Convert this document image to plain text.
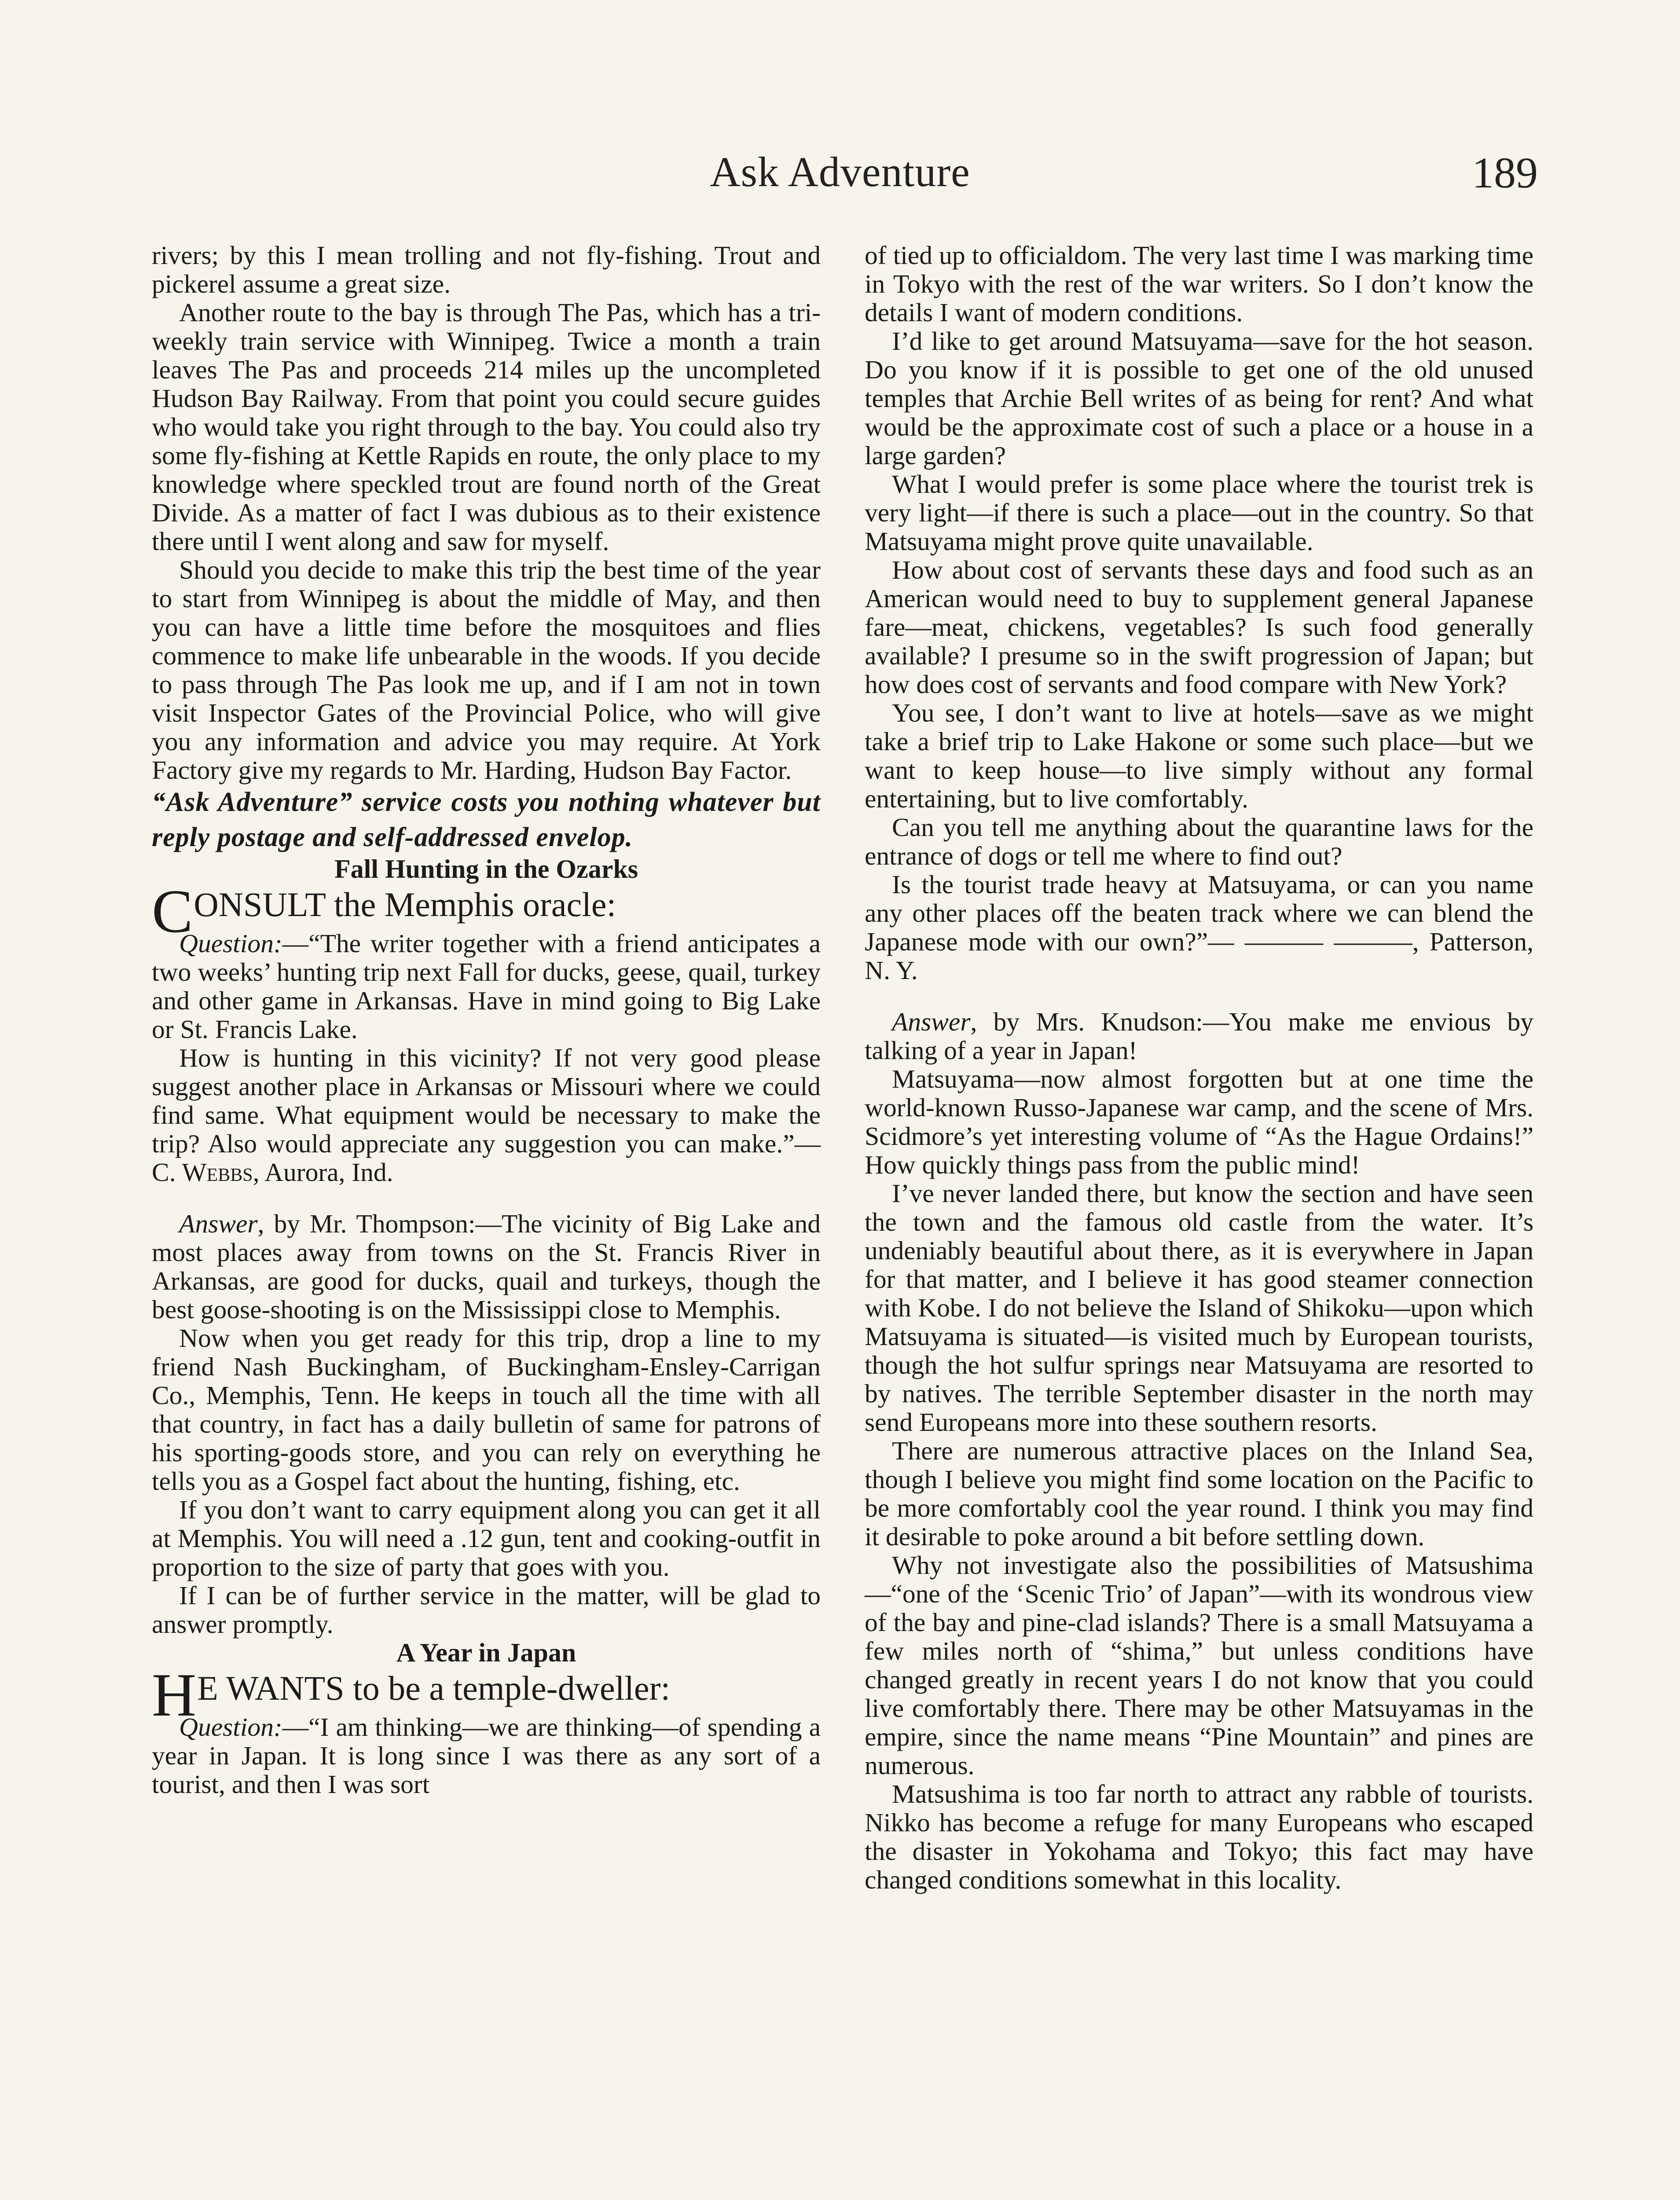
Ask Adventure	189

rivers; by this I mean trolling and not fly-fishing. Trout and pickerel assume a great size.

Another route to the bay is through The Pas, which has a tri-weekly train service with Winnipeg. Twice a month a train leaves The Pas and proceeds 214 miles up the uncompleted Hudson Bay Railway. From that point you could secure guides who would take you right through to the bay. You could also try some fly-fishing at Kettle Rapids en route, the only place to my knowledge where speckled trout are found north of the Great Divide. As a matter of fact I was dubious as to their existence there until I went along and saw for myself.

Should you decide to make this trip the best time of the year to start from Winnipeg is about the middle of May, and then you can have a little time before the mosquitoes and flies commence to make life unbearable in the woods. If you decide to pass through The Pas look me up, and if I am not in town visit Inspector Gates of the Provincial Police, who will give you any information and advice you may require. At York Factory give my regards to Mr. Harding, Hudson Bay Factor.

“Ask Adventure” service costs you nothing whatever but reply postage and self-addressed envelop.

Fall Hunting in the Ozarks

CONSULT the Memphis oracle:

Question:—“The writer together with a friend anticipates a two weeks’ hunting trip next Fall for ducks, geese, quail, turkey and other game in Arkansas. Have in mind going to Big Lake or St. Francis Lake.

How is hunting in this vicinity? If not very good please suggest another place in Arkansas or Missouri where we could find same. What equipment would be necessary to make the trip? Also would appreciate any suggestion you can make.”— C. Webbs, Aurora, Ind.

Answer, by Mr. Thompson:—The vicinity of Big Lake and most places away from towns on the St. Francis River in Arkansas, are good for ducks, quail and turkeys, though the best goose-shooting is on the Mississippi close to Memphis.

Now when you get ready for this trip, drop a line to my friend Nash Buckingham, of Buckingham-Ensley-Carrigan Co., Memphis, Tenn. He keeps in touch all the time with all that country, in fact has a daily bulletin of same for patrons of his sporting-goods store, and you can rely on everything he tells you as a Gospel fact about the hunting, fishing, etc.

If you don’t want to carry equipment along you can get it all at Memphis. You will need a .12 gun, tent and cooking-outfit in proportion to the size of party that goes with you.

If I can be of further service in the matter, will be glad to answer promptly.

A Year in Japan

HE WANTS to be a temple-dweller:

Question:—“I am thinking—we are thinking—of spending a year in Japan. It is long since I was there as any sort of a tourist, and then I was sort

of tied up to officialdom. The very last time I was marking time in Tokyo with the rest of the war writers. So I don’t know the details I want of modern conditions.

I’d like to get around Matsuyama—save for the hot season. Do you know if it is possible to get one of the old unused temples that Archie Bell writes of as being for rent? And what would be the approximate cost of such a place or a house in a large garden?

What I would prefer is some place where the tourist trek is very light—if there is such a place—out in the country. So that Matsuyama might prove quite unavailable.

How about cost of servants these days and food such as an American would need to buy to supplement general Japanese fare—meat, chickens, vegetables? Is such food generally available? I presume so in the swift progression of Japan; but how does cost of servants and food compare with New York?

You see, I don’t want to live at hotels—save as we might take a brief trip to Lake Hakone or some such place—but we want to keep house—to live simply without any formal entertaining, but to live comfortably.

Can you tell me anything about the quarantine laws for the entrance of dogs or tell me where to find out?

Is the tourist trade heavy at Matsuyama, or can you name any other places off the beaten track where we can blend the Japanese mode with our own?”— ——— ———, Patterson, N. Y.

Answer, by Mrs. Knudson:—You make me envious by talking of a year in Japan!

Matsuyama—now almost forgotten but at one time the world-known Russo-Japanese war camp, and the scene of Mrs. Scidmore’s yet interesting volume of “As the Hague Ordains!” How quickly things pass from the public mind!

I’ve never landed there, but know the section and have seen the town and the famous old castle from the water. It’s undeniably beautiful about there, as it is everywhere in Japan for that matter, and I believe it has good steamer connection with Kobe. I do not believe the Island of Shikoku—upon which Matsuyama is situated—is visited much by European tourists, though the hot sulfur springs near Matsuyama are resorted to by natives. The terrible September disaster in the north may send Europeans more into these southern resorts.

There are numerous attractive places on the Inland Sea, though I believe you might find some location on the Pacific to be more comfortably cool the year round. I think you may find it desirable to poke around a bit before settling down.

Why not investigate also the possibilities of Matsushima—“one of the ‘Scenic Trio’ of Japan”—with its wondrous view of the bay and pine-clad islands? There is a small Matsuyama a few miles north of “shima,” but unless conditions have changed greatly in recent years I do not know that you could live comfortably there. There may be other Matsuyamas in the empire, since the name means “Pine Mountain” and pines are numerous.

Matsushima is too far north to attract any rabble of tourists. Nikko has become a refuge for many Europeans who escaped the disaster in Yokohama and Tokyo; this fact may have changed conditions somewhat in this locality.
